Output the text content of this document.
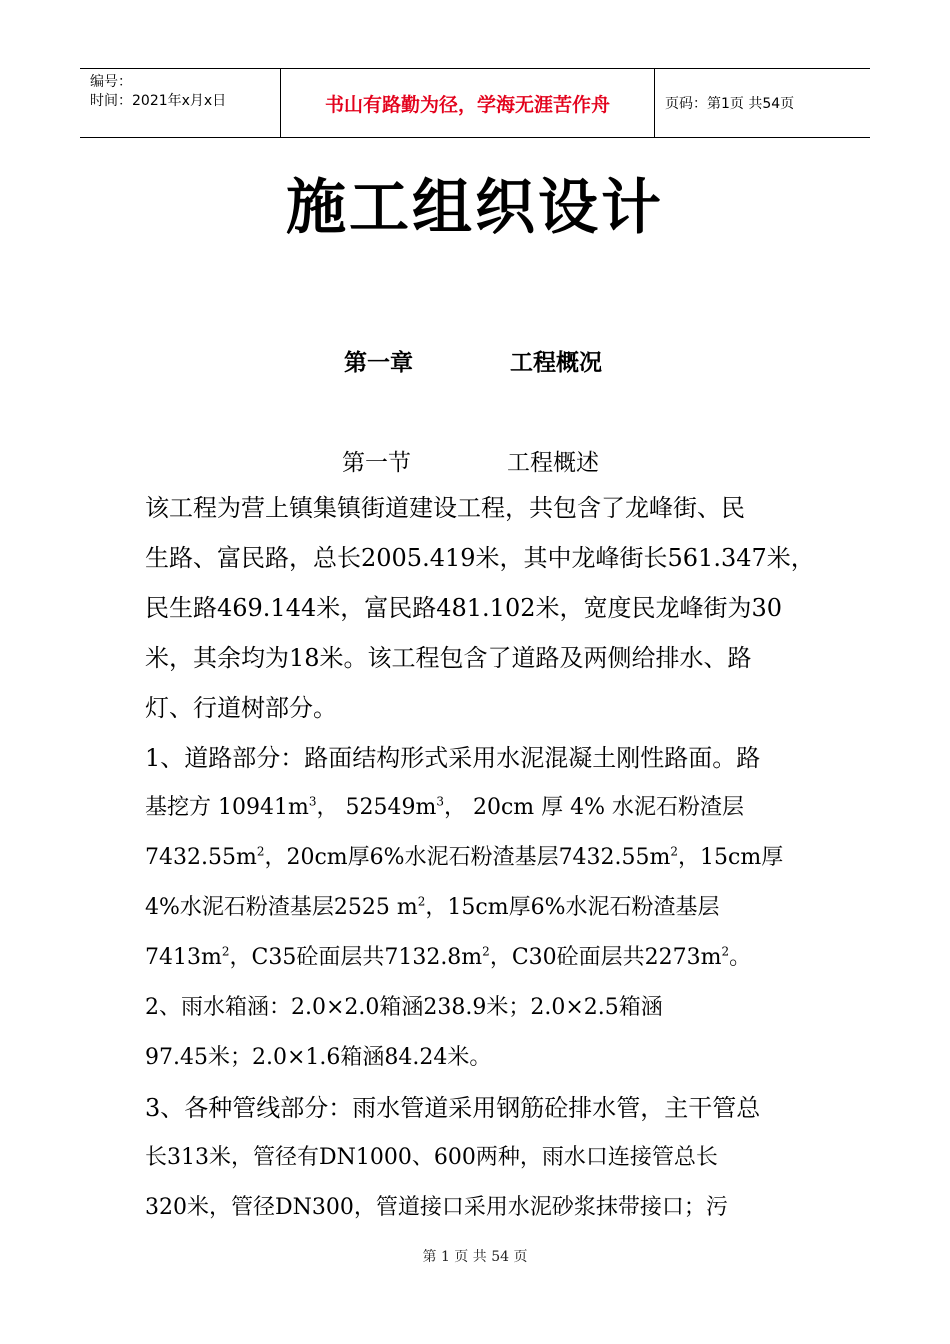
编号：
时间：2021年x月x日	书山有路勤为径，学海无涯苦作舟	页码：第1页 共54页
施工组织设计
第一章	工程概况
第一节	工程概述
该工程为营上镇集镇街道建设工程，共包含了龙峰街、民
生路、富民路，总长2005.419米，其中龙峰街长561.347米，
民生路469.144米，富民路481.102米，宽度民龙峰街为30
米，其余均为18米。该工程包含了道路及两侧给排水、路
灯、行道树部分。
1、道路部分：路面结构形式采用水泥混凝土刚性路面。路
基挖方 $10941m^3$， $52549m^3$， 20cm 厚 4% 水泥石粉渣层
$7432.55m^2$，20cm厚6%水泥石粉渣基层$7432.55m^2$，15cm厚
4%水泥石粉渣基层2525 $m^2$，15cm厚6%水泥石粉渣基层
$7413m^2$，C35砼面层共$7132.8m^2$，C30砼面层共$2273m^2$。
2、雨水箱涵：2.0×2.0箱涵238.9米；2.0×2.5箱涵
97.45米；2.0×1.6箱涵84.24米。
3、各种管线部分：雨水管道采用钢筋砼排水管，主干管总
长313米，管径有DN1000、600两种，雨水口连接管总长
320米，管径DN300，管道接口采用水泥砂浆抹带接口；污
第 1 页 共 54 页
